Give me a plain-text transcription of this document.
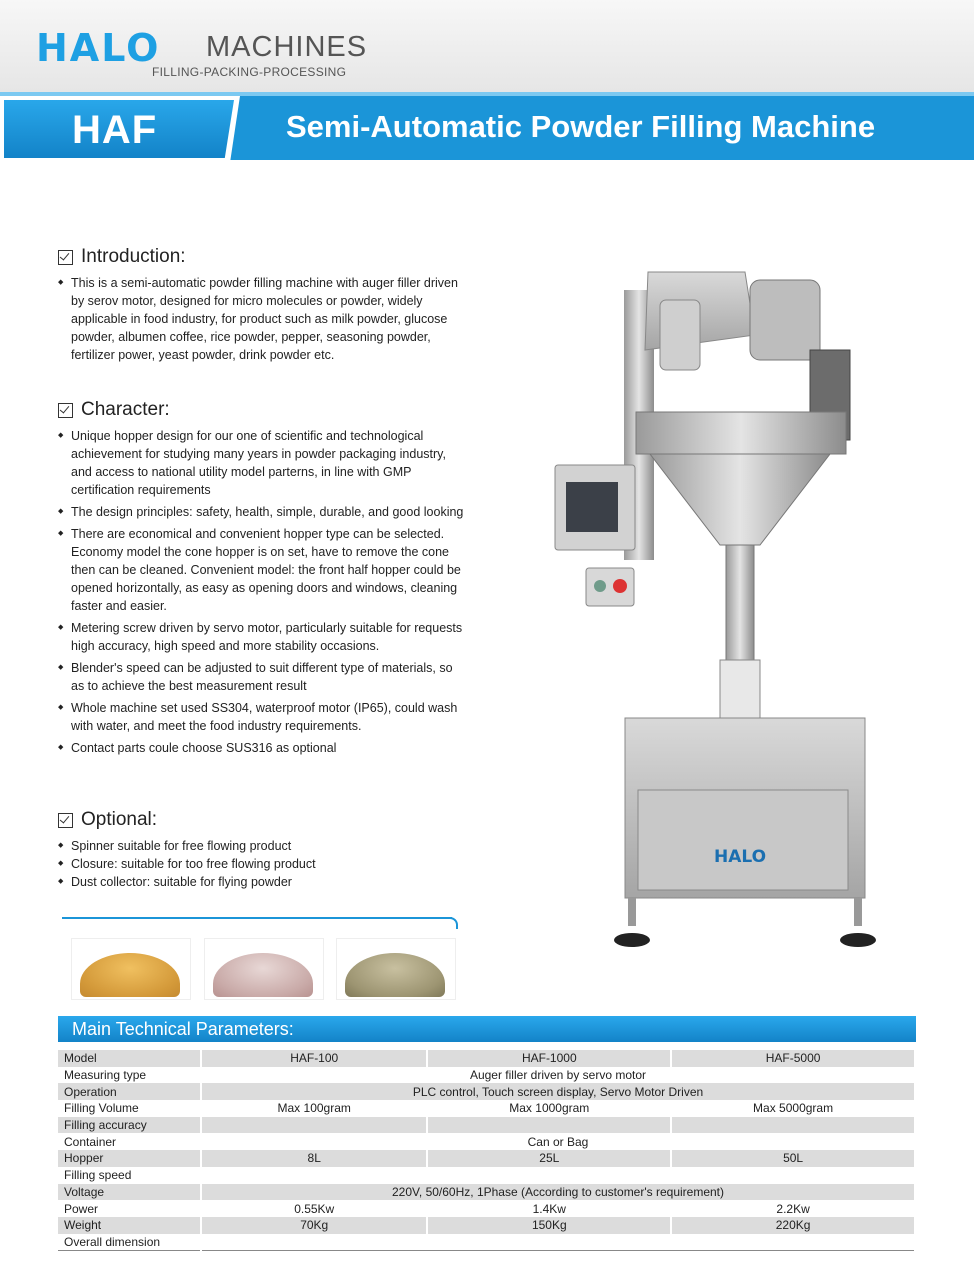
HALO MACHINES
FILLING-PACKING-PROCESSING
HAF	Semi-Automatic Powder Filling Machine
Introduction:
◆ This is a semi-automatic powder filling machine with auger filler driven by serov motor, designed for micro molecules or powder, widely applicable in food industry, for product such as milk powder, glucose powder, albumen coffee, rice powder, pepper, seasoning powder, fertilizer power, yeast powder, drink powder etc.
Character:
◆ Unique hopper design for our one of scientific and technological achievement for studying many years in powder packaging industry, and access to national utility model parterns, in line with GMP certification requirements
◆ The design principles: safety, health, simple, durable, and good looking
◆ There are economical and convenient hopper type can be selected. Economy model the cone hopper is on set, have to remove the cone then can be cleaned. Convenient model: the front half hopper could be opened horizontally, as easy as opening doors and windows, cleaning faster and easier.
◆ Metering screw driven by servo motor, particularly suitable for requests high accuracy, high speed and more stability occasions.
◆ Blender's speed can be adjusted to suit different type of materials, so as to achieve the best measurement result
◆ Whole machine set used SS304, waterproof motor (IP65), could wash with water, and meet the food industry requirements.
◆ Contact parts coule choose SUS316 as optional
Optional:
◆ Spinner suitable for free flowing product
◆ Closure: suitable for too free flowing product
◆ Dust collector: suitable for flying powder
HALO
Main Technical Parameters:
Model	HAF-100	HAF-1000	HAF-5000
Measuring type	Auger filler driven by servo motor		
Operation	PLC control, Touch screen display, Servo Motor Driven		
Filling Volume	Max 100gram	Max 1000gram	Max 5000gram
Filling accuracy			
Container	Can or Bag		
Hopper	8L	25L	50L
Filling speed			
Voltage	220V, 50/60Hz, 1Phase (According to customer's requirement)		
Power	0.55Kw	1.4Kw	2.2Kw
Weight	70Kg	150Kg	220Kg
Overall dimension			
